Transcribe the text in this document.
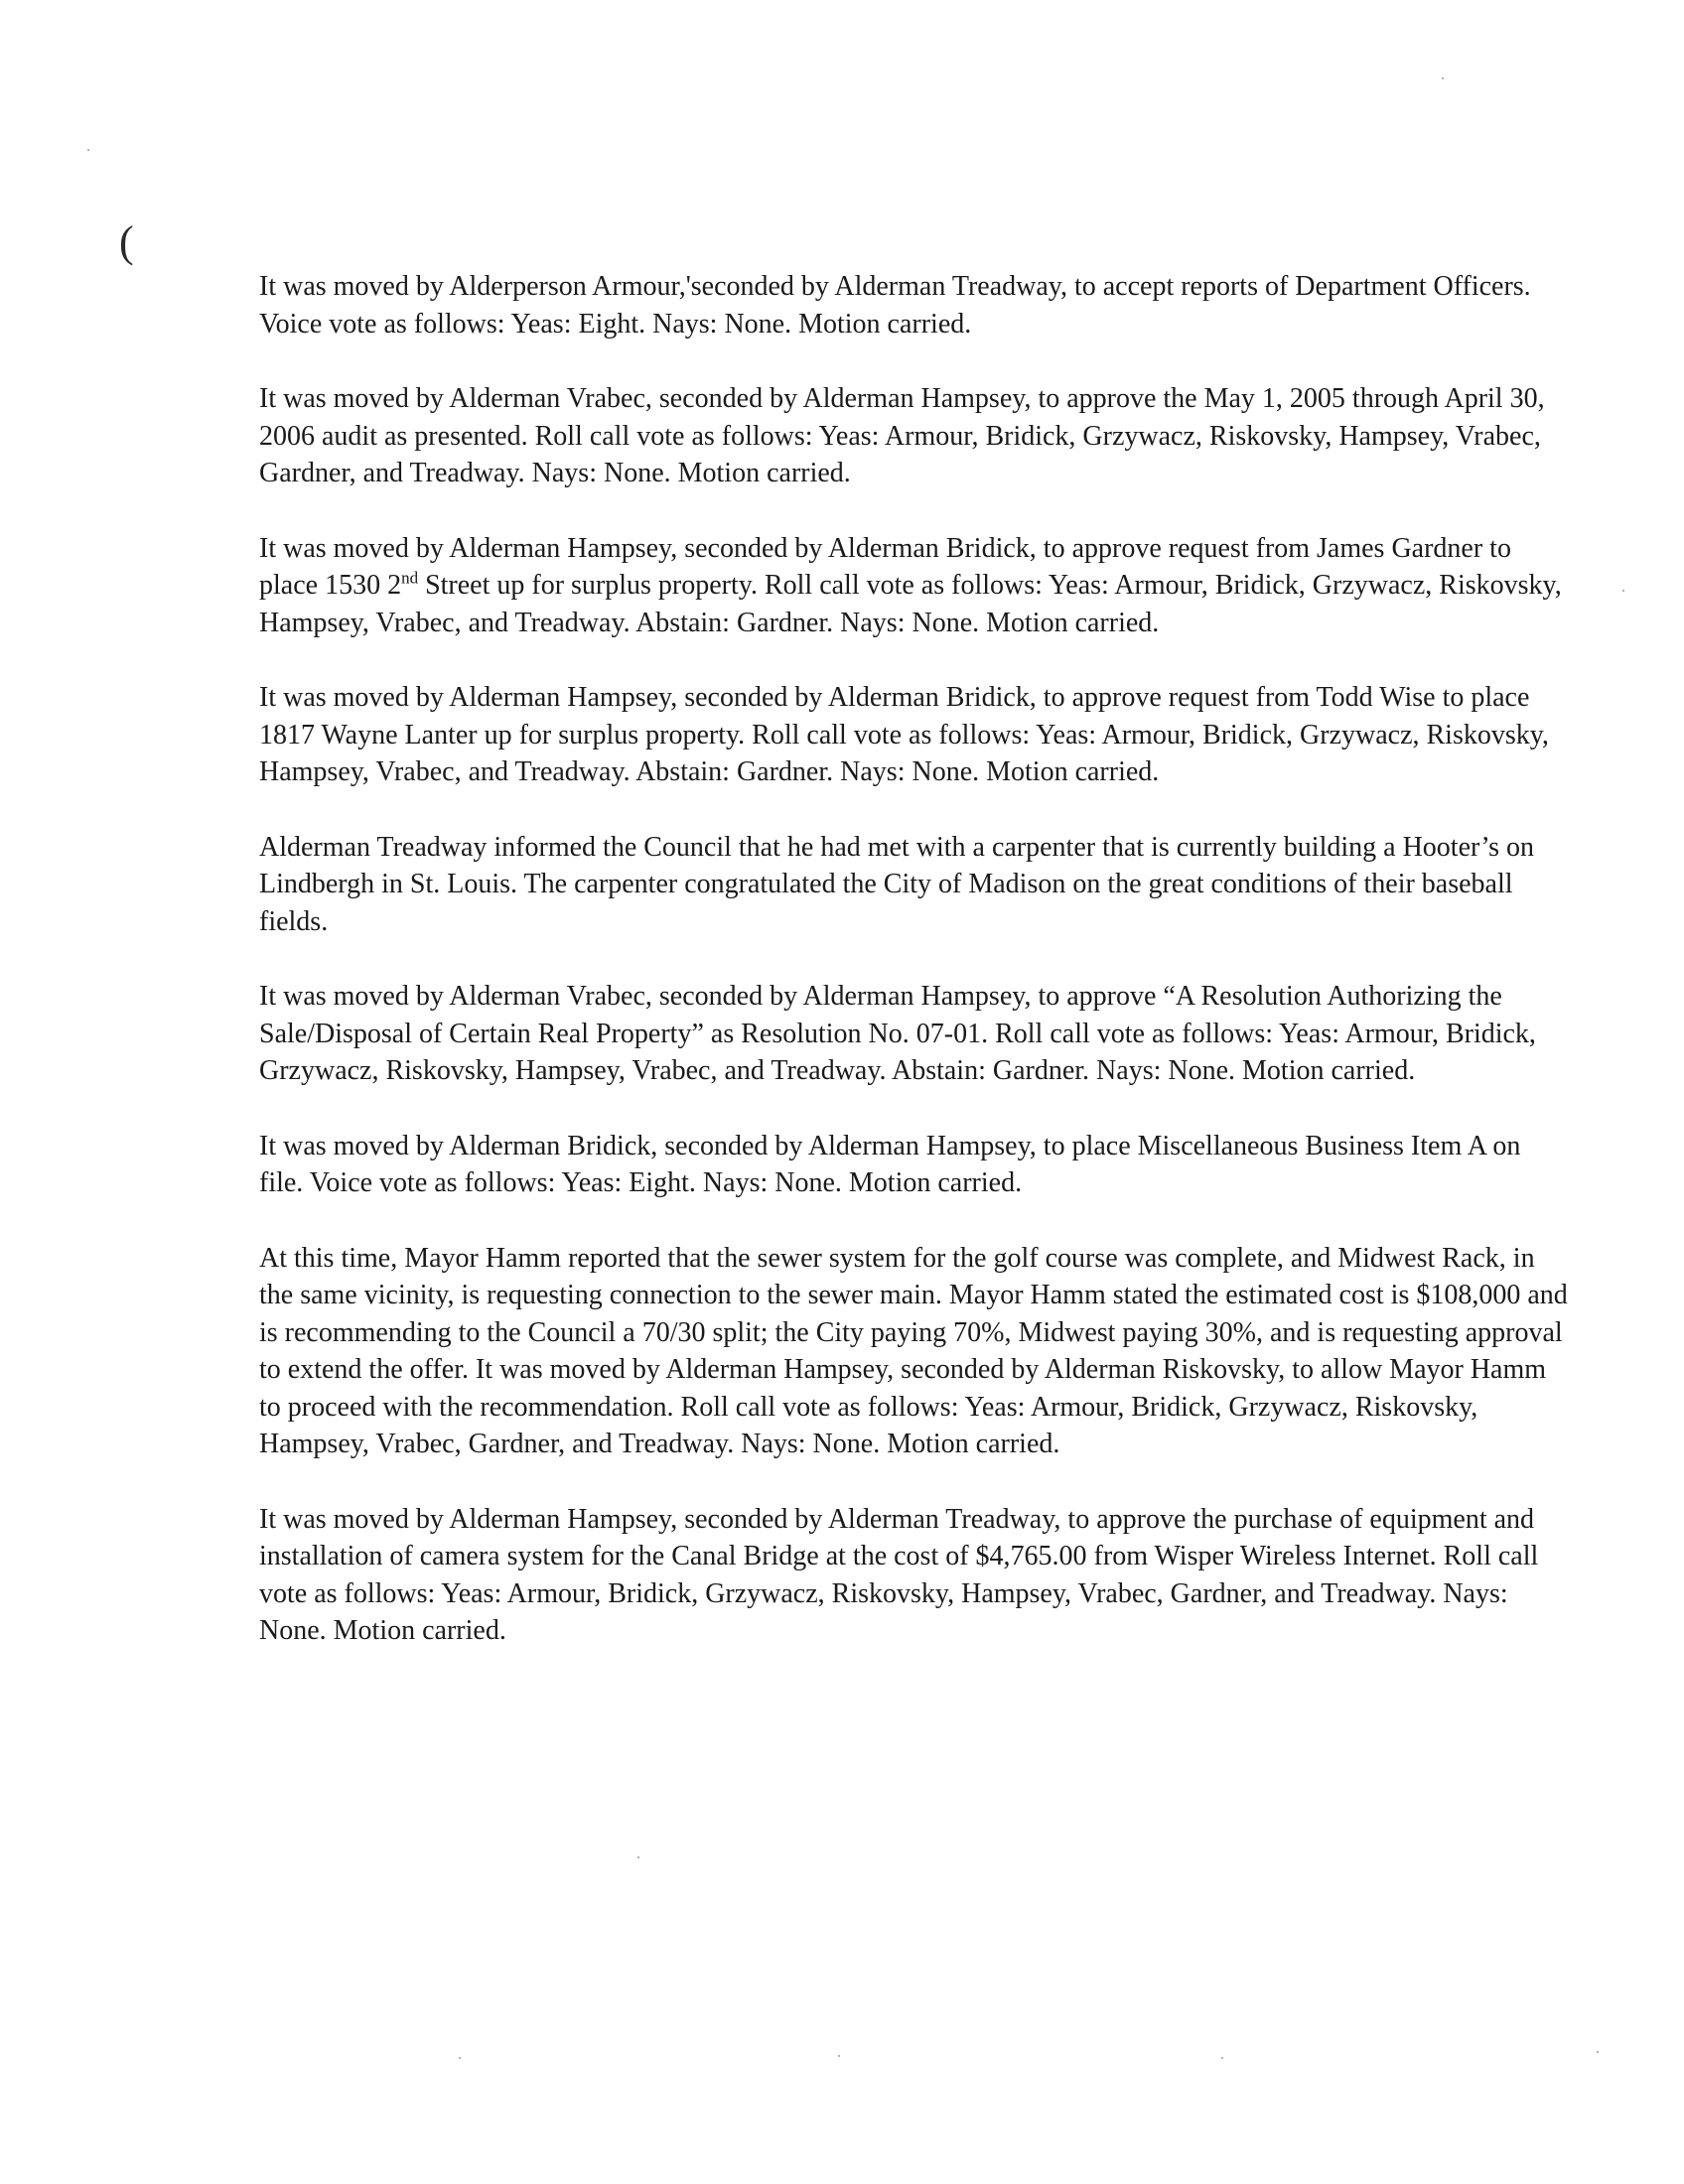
(

It was moved by Alderperson Armour,'seconded by Alderman Treadway, to accept reports of Department Officers. Voice vote as follows: Yeas: Eight. Nays: None. Motion carried.

It was moved by Alderman Vrabec, seconded by Alderman Hampsey, to approve the May 1, 2005 through April 30, 2006 audit as presented. Roll call vote as follows: Yeas: Armour, Bridick, Grzywacz, Riskovsky, Hampsey, Vrabec, Gardner, and Treadway. Nays: None. Motion carried.

It was moved by Alderman Hampsey, seconded by Alderman Bridick, to approve request from James Gardner to place 1530 2nd Street up for surplus property. Roll call vote as follows: Yeas: Armour, Bridick, Grzywacz, Riskovsky, Hampsey, Vrabec, and Treadway. Abstain: Gardner. Nays: None. Motion carried.

It was moved by Alderman Hampsey, seconded by Alderman Bridick, to approve request from Todd Wise to place 1817 Wayne Lanter up for surplus property. Roll call vote as follows: Yeas: Armour, Bridick, Grzywacz, Riskovsky, Hampsey, Vrabec, and Treadway. Abstain: Gardner. Nays: None. Motion carried.

Alderman Treadway informed the Council that he had met with a carpenter that is currently building a Hooter’s on Lindbergh in St. Louis. The carpenter congratulated the City of Madison on the great conditions of their baseball fields.

It was moved by Alderman Vrabec, seconded by Alderman Hampsey, to approve “A Resolution Authorizing the Sale/Disposal of Certain Real Property” as Resolution No. 07-01. Roll call vote as follows: Yeas: Armour, Bridick, Grzywacz, Riskovsky, Hampsey, Vrabec, and Treadway. Abstain: Gardner. Nays: None. Motion carried.

It was moved by Alderman Bridick, seconded by Alderman Hampsey, to place Miscellaneous Business Item A on file. Voice vote as follows: Yeas: Eight. Nays: None. Motion carried.

At this time, Mayor Hamm reported that the sewer system for the golf course was complete, and Midwest Rack, in the same vicinity, is requesting connection to the sewer main. Mayor Hamm stated the estimated cost is $108,000 and is recommending to the Council a 70/30 split; the City paying 70%, Midwest paying 30%, and is requesting approval to extend the offer. It was moved by Alderman Hampsey, seconded by Alderman Riskovsky, to allow Mayor Hamm to proceed with the recommendation. Roll call vote as follows: Yeas: Armour, Bridick, Grzywacz, Riskovsky, Hampsey, Vrabec, Gardner, and Treadway. Nays: None. Motion carried.

It was moved by Alderman Hampsey, seconded by Alderman Treadway, to approve the purchase of equipment and installation of camera system for the Canal Bridge at the cost of $4,765.00 from Wisper Wireless Internet. Roll call vote as follows: Yeas: Armour, Bridick, Grzywacz, Riskovsky, Hampsey, Vrabec, Gardner, and Treadway. Nays: None. Motion carried.
